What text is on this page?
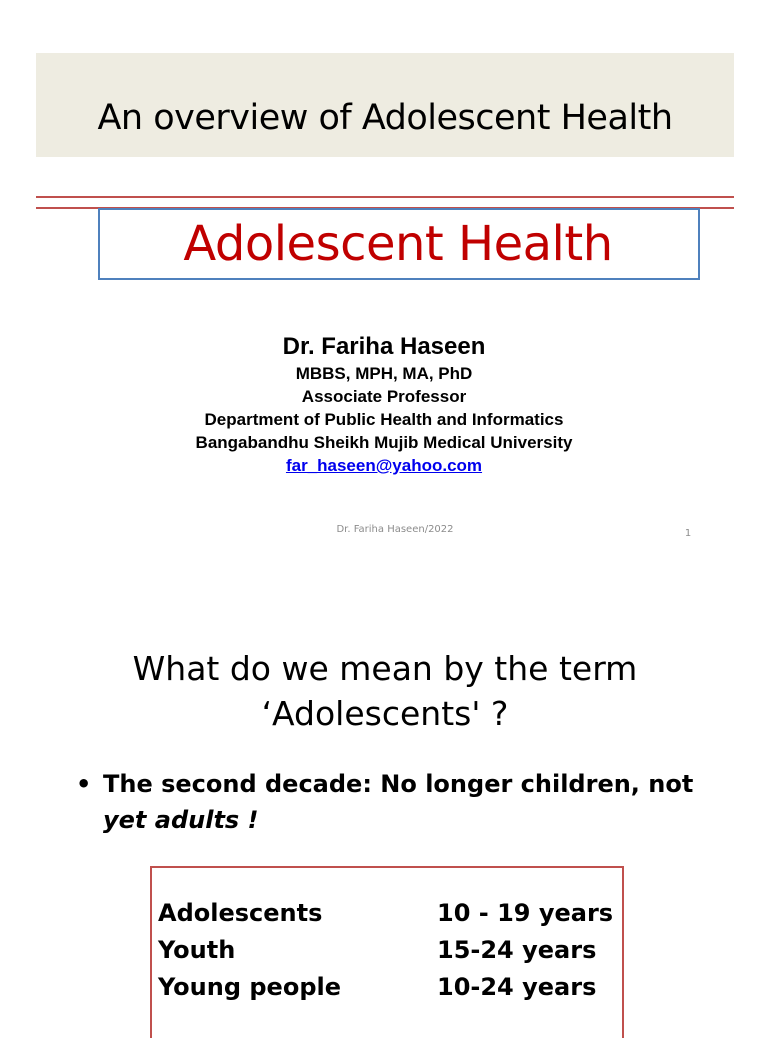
An overview of Adolescent Health
Adolescent Health
Dr. Fariha Haseen
MBBS, MPH, MA, PhD
Associate Professor
Department of Public Health and Informatics
Bangabandhu Sheikh Mujib Medical University
far_haseen@yahoo.com
Dr. Fariha Haseen/2022	1
What do we mean by the term
‘Adolescents' ?
• The second decade: No longer children, not yet adults !
Adolescents	10 - 19 years
Youth	15-24 years
Young people	10-24 years
